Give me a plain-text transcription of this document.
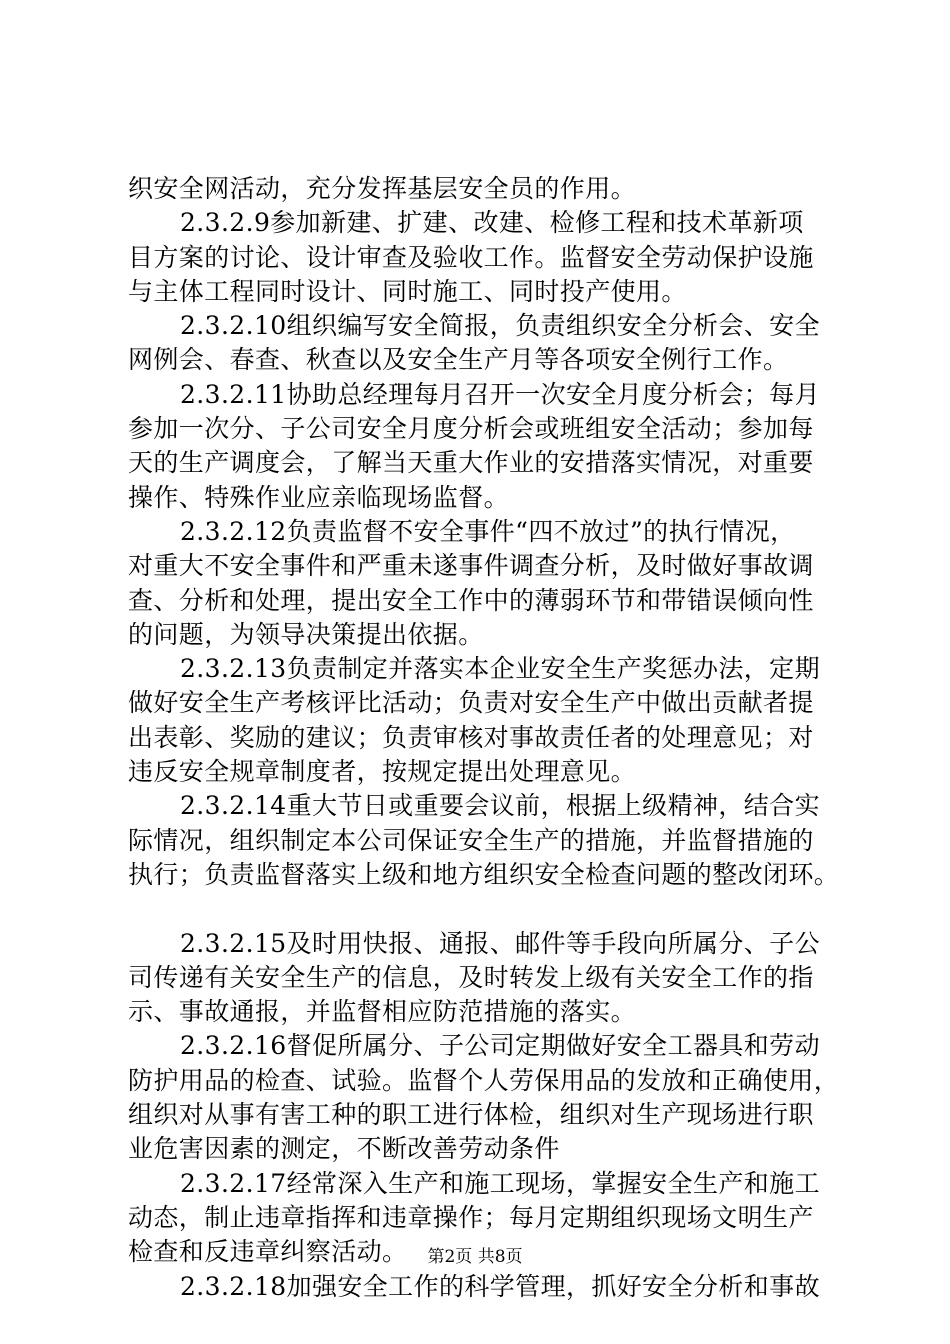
织安全网活动，充分发挥基层安全员的作用。
2.3.2.9参加新建、扩建、改建、检修工程和技术革新项
目方案的讨论、设计审查及验收工作。监督安全劳动保护设施
与主体工程同时设计、同时施工、同时投产使用。
2.3.2.10组织编写安全简报，负责组织安全分析会、安全
网例会、春查、秋查以及安全生产月等各项安全例行工作。
2.3.2.11协助总经理每月召开一次安全月度分析会；每月
参加一次分、子公司安全月度分析会或班组安全活动；参加每
天的生产调度会，了解当天重大作业的安措落实情况，对重要
操作、特殊作业应亲临现场监督。
2.3.2.12负责监督不安全事件“四不放过”的执行情况，
对重大不安全事件和严重未遂事件调查分析，及时做好事故调
查、分析和处理，提出安全工作中的薄弱环节和带错误倾向性
的问题，为领导决策提出依据。
2.3.2.13负责制定并落实本企业安全生产奖惩办法，定期
做好安全生产考核评比活动；负责对安全生产中做出贡献者提
出表彰、奖励的建议；负责审核对事故责任者的处理意见；对
违反安全规章制度者，按规定提出处理意见。
2.3.2.14重大节日或重要会议前，根据上级精神，结合实
际情况，组织制定本公司保证安全生产的措施，并监督措施的
执行；负责监督落实上级和地方组织安全检查问题的整改闭环。
2.3.2.15及时用快报、通报、邮件等手段向所属分、子公
司传递有关安全生产的信息，及时转发上级有关安全工作的指
示、事故通报，并监督相应防范措施的落实。
2.3.2.16督促所属分、子公司定期做好安全工器具和劳动
防护用品的检查、试验。监督个人劳保用品的发放和正确使用，
组织对从事有害工种的职工进行体检，组织对生产现场进行职
业危害因素的测定，不断改善劳动条件
2.3.2.17经常深入生产和施工现场，掌握安全生产和施工
动态，制止违章指挥和违章操作；每月定期组织现场文明生产
检查和反违章纠察活动。
2.3.2.18加强安全工作的科学管理，抓好安全分析和事故
第2页 共8页
